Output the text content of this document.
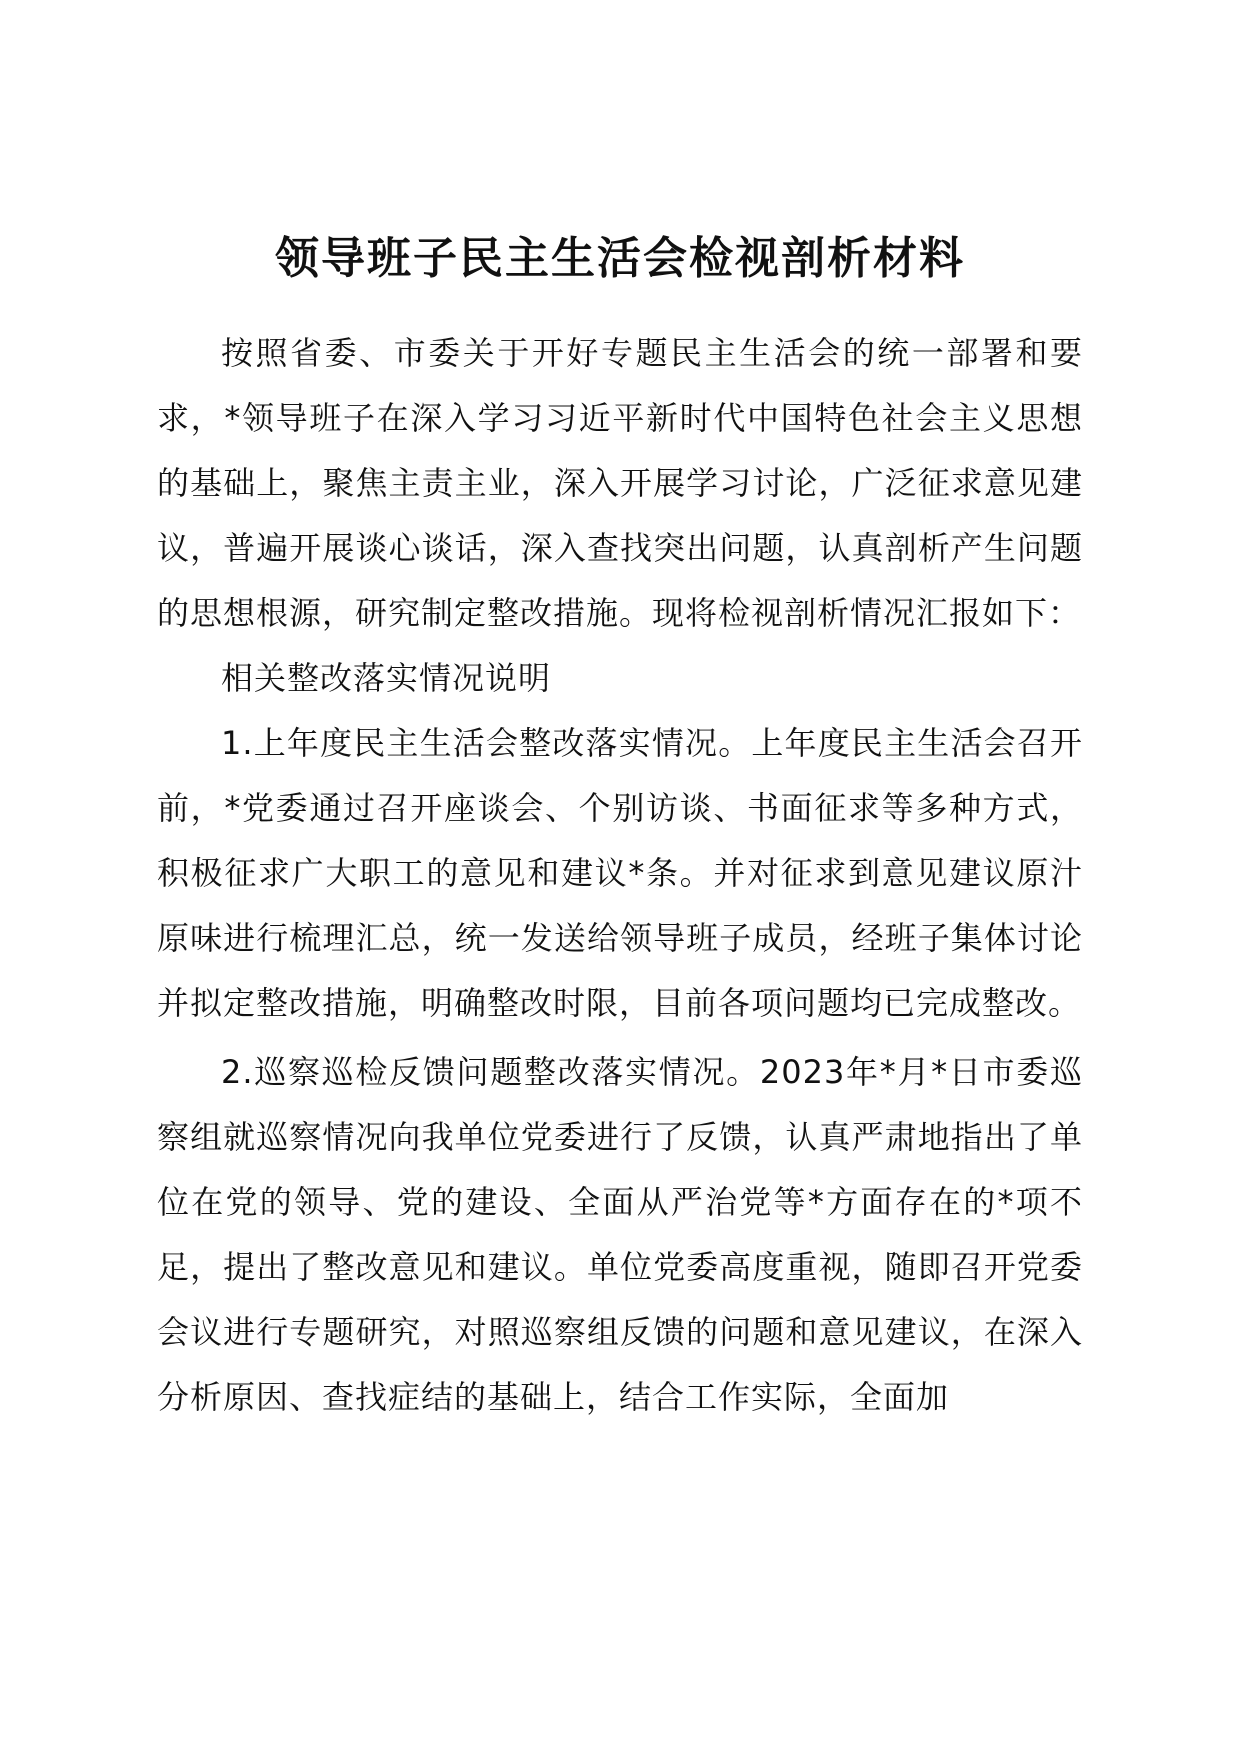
领导班子民主生活会检视剖析材料

按照省委、市委关于开好专题民主生活会的统一部署和要求，*领导班子在深入学习习近平新时代中国特色社会主义思想的基础上，聚焦主责主业，深入开展学习讨论，广泛征求意见建议，普遍开展谈心谈话，深入查找突出问题，认真剖析产生问题的思想根源，研究制定整改措施。现将检视剖析情况汇报如下：

相关整改落实情况说明

1.上年度民主生活会整改落实情况。上年度民主生活会召开前，*党委通过召开座谈会、个别访谈、书面征求等多种方式，积极征求广大职工的意见和建议*条。并对征求到意见建议原汁原味进行梳理汇总，统一发送给领导班子成员，经班子集体讨论并拟定整改措施，明确整改时限，目前各项问题均已完成整改。

2.巡察巡检反馈问题整改落实情况。2023年*月*日市委巡察组就巡察情况向我单位党委进行了反馈，认真严肃地指出了单位在党的领导、党的建设、全面从严治党等*方面存在的*项不足，提出了整改意见和建议。单位党委高度重视，随即召开党委会议进行专题研究，对照巡察组反馈的问题和意见建议，在深入分析原因、查找症结的基础上，结合工作实际，全面加
